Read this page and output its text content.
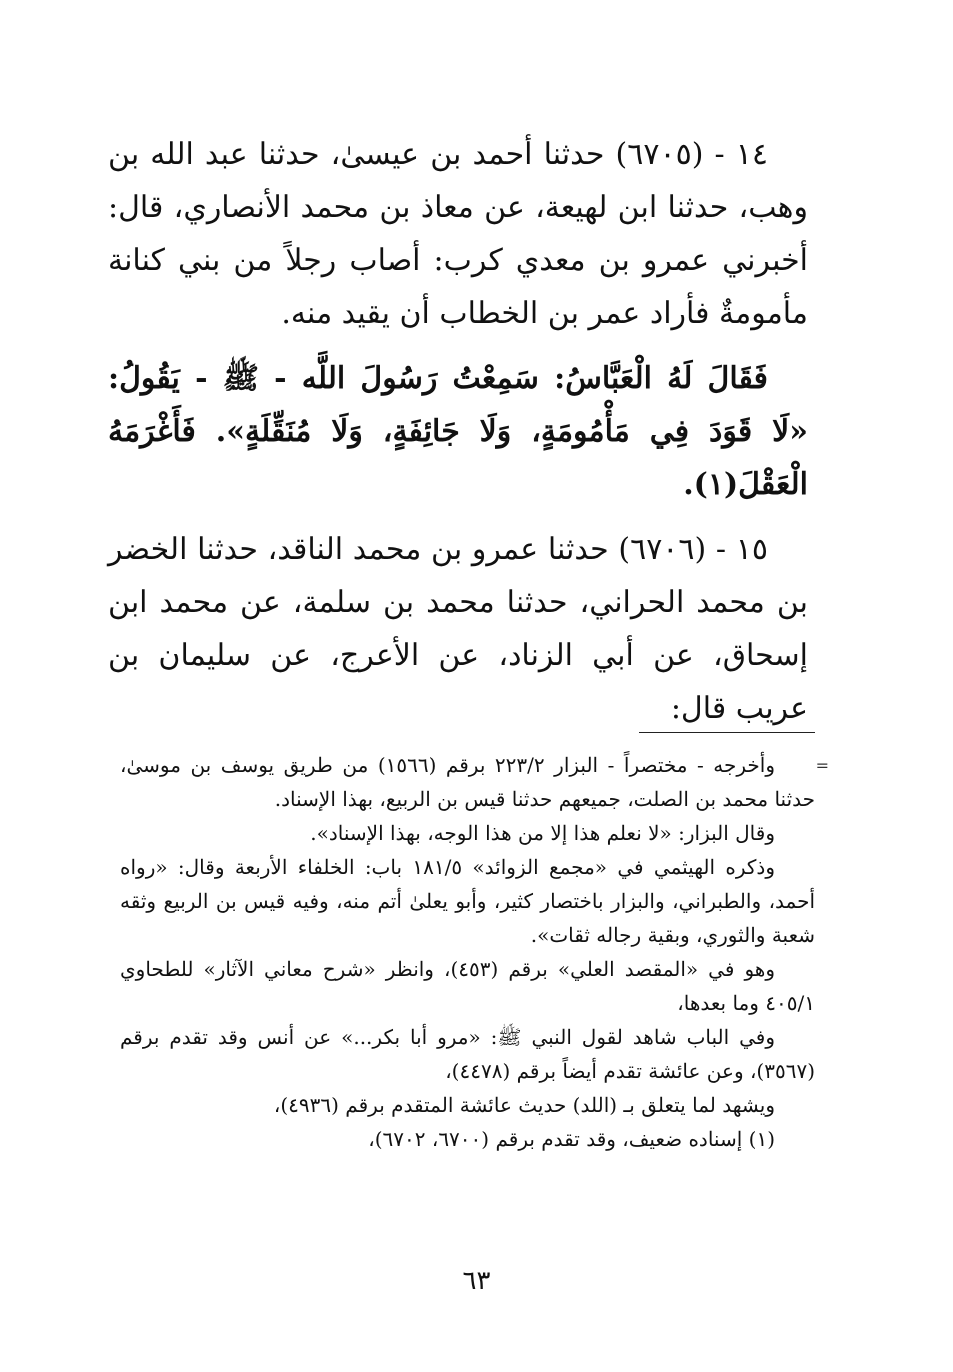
١٤ - (٦٧٠٥) حدثنا أحمد بن عيسىٰ، حدثنا عبد الله بن وهب، حدثنا ابن لهيعة، عن معاذ بن محمد الأنصاري، قال: أخبرني عمرو بن معدي كرب: أصاب رجلاً من بني كنانة مأمومةٌ فأراد عمر بن الخطاب أن يقيد منه.

فَقَالَ لَهُ الْعَبَّاسُ: سَمِعْتُ رَسُولَ اللَّه - ﷺ - يَقُولُ: «لَا قَوَدَ فِي مَأْمُومَةٍ، وَلَا جَائِفَةٍ، وَلَا مُنَقِّلَةٍ». فَأَغْرَمَهُ الْعَقْلَ(١).

١٥ - (٦٧٠٦) حدثنا عمرو بن محمد الناقد، حدثنا الخضر بن محمد الحراني، حدثنا محمد بن سلمة، عن محمد ابن إسحاق، عن أبي الزناد، عن الأعرج، عن سليمان بن عريب قال:

=

وأخرجه - مختصراً - البزار ٢٢٣/٢ برقم (١٥٦٦) من طريق يوسف بن موسىٰ، حدثنا محمد بن الصلت، جميعهم حدثنا قيس بن الربيع، بهذا الإسناد.

وقال البزار: «لا نعلم هذا إلا من هذا الوجه، بهذا الإسناد».

وذكره الهيثمي في «مجمع الزوائد» ١٨١/٥ باب: الخلفاء الأربعة وقال: «رواه أحمد، والطبراني، والبزار باختصار كثير، وأبو يعلىٰ أتم منه، وفيه قيس بن الربيع وثقه شعبة والثوري، وبقية رجاله ثقات».

وهو في «المقصد العلي» برقم (٤٥٣)، وانظر «شرح معاني الآثار» للطحاوي ٤٠٥/١ وما بعدها،

وفي الباب شاهد لقول النبي ﷺ: «مرو أبا بكر...» عن أنس وقد تقدم برقم (٣٥٦٧)، وعن عائشة تقدم أيضاً برقم (٤٤٧٨)،

ويشهد لما يتعلق بـ (اللد) حديث عائشة المتقدم برقم (٤٩٣٦)،

(١) إسناده ضعيف، وقد تقدم برقم (٦٧٠٠، ٦٧٠٢)،

٦٣
